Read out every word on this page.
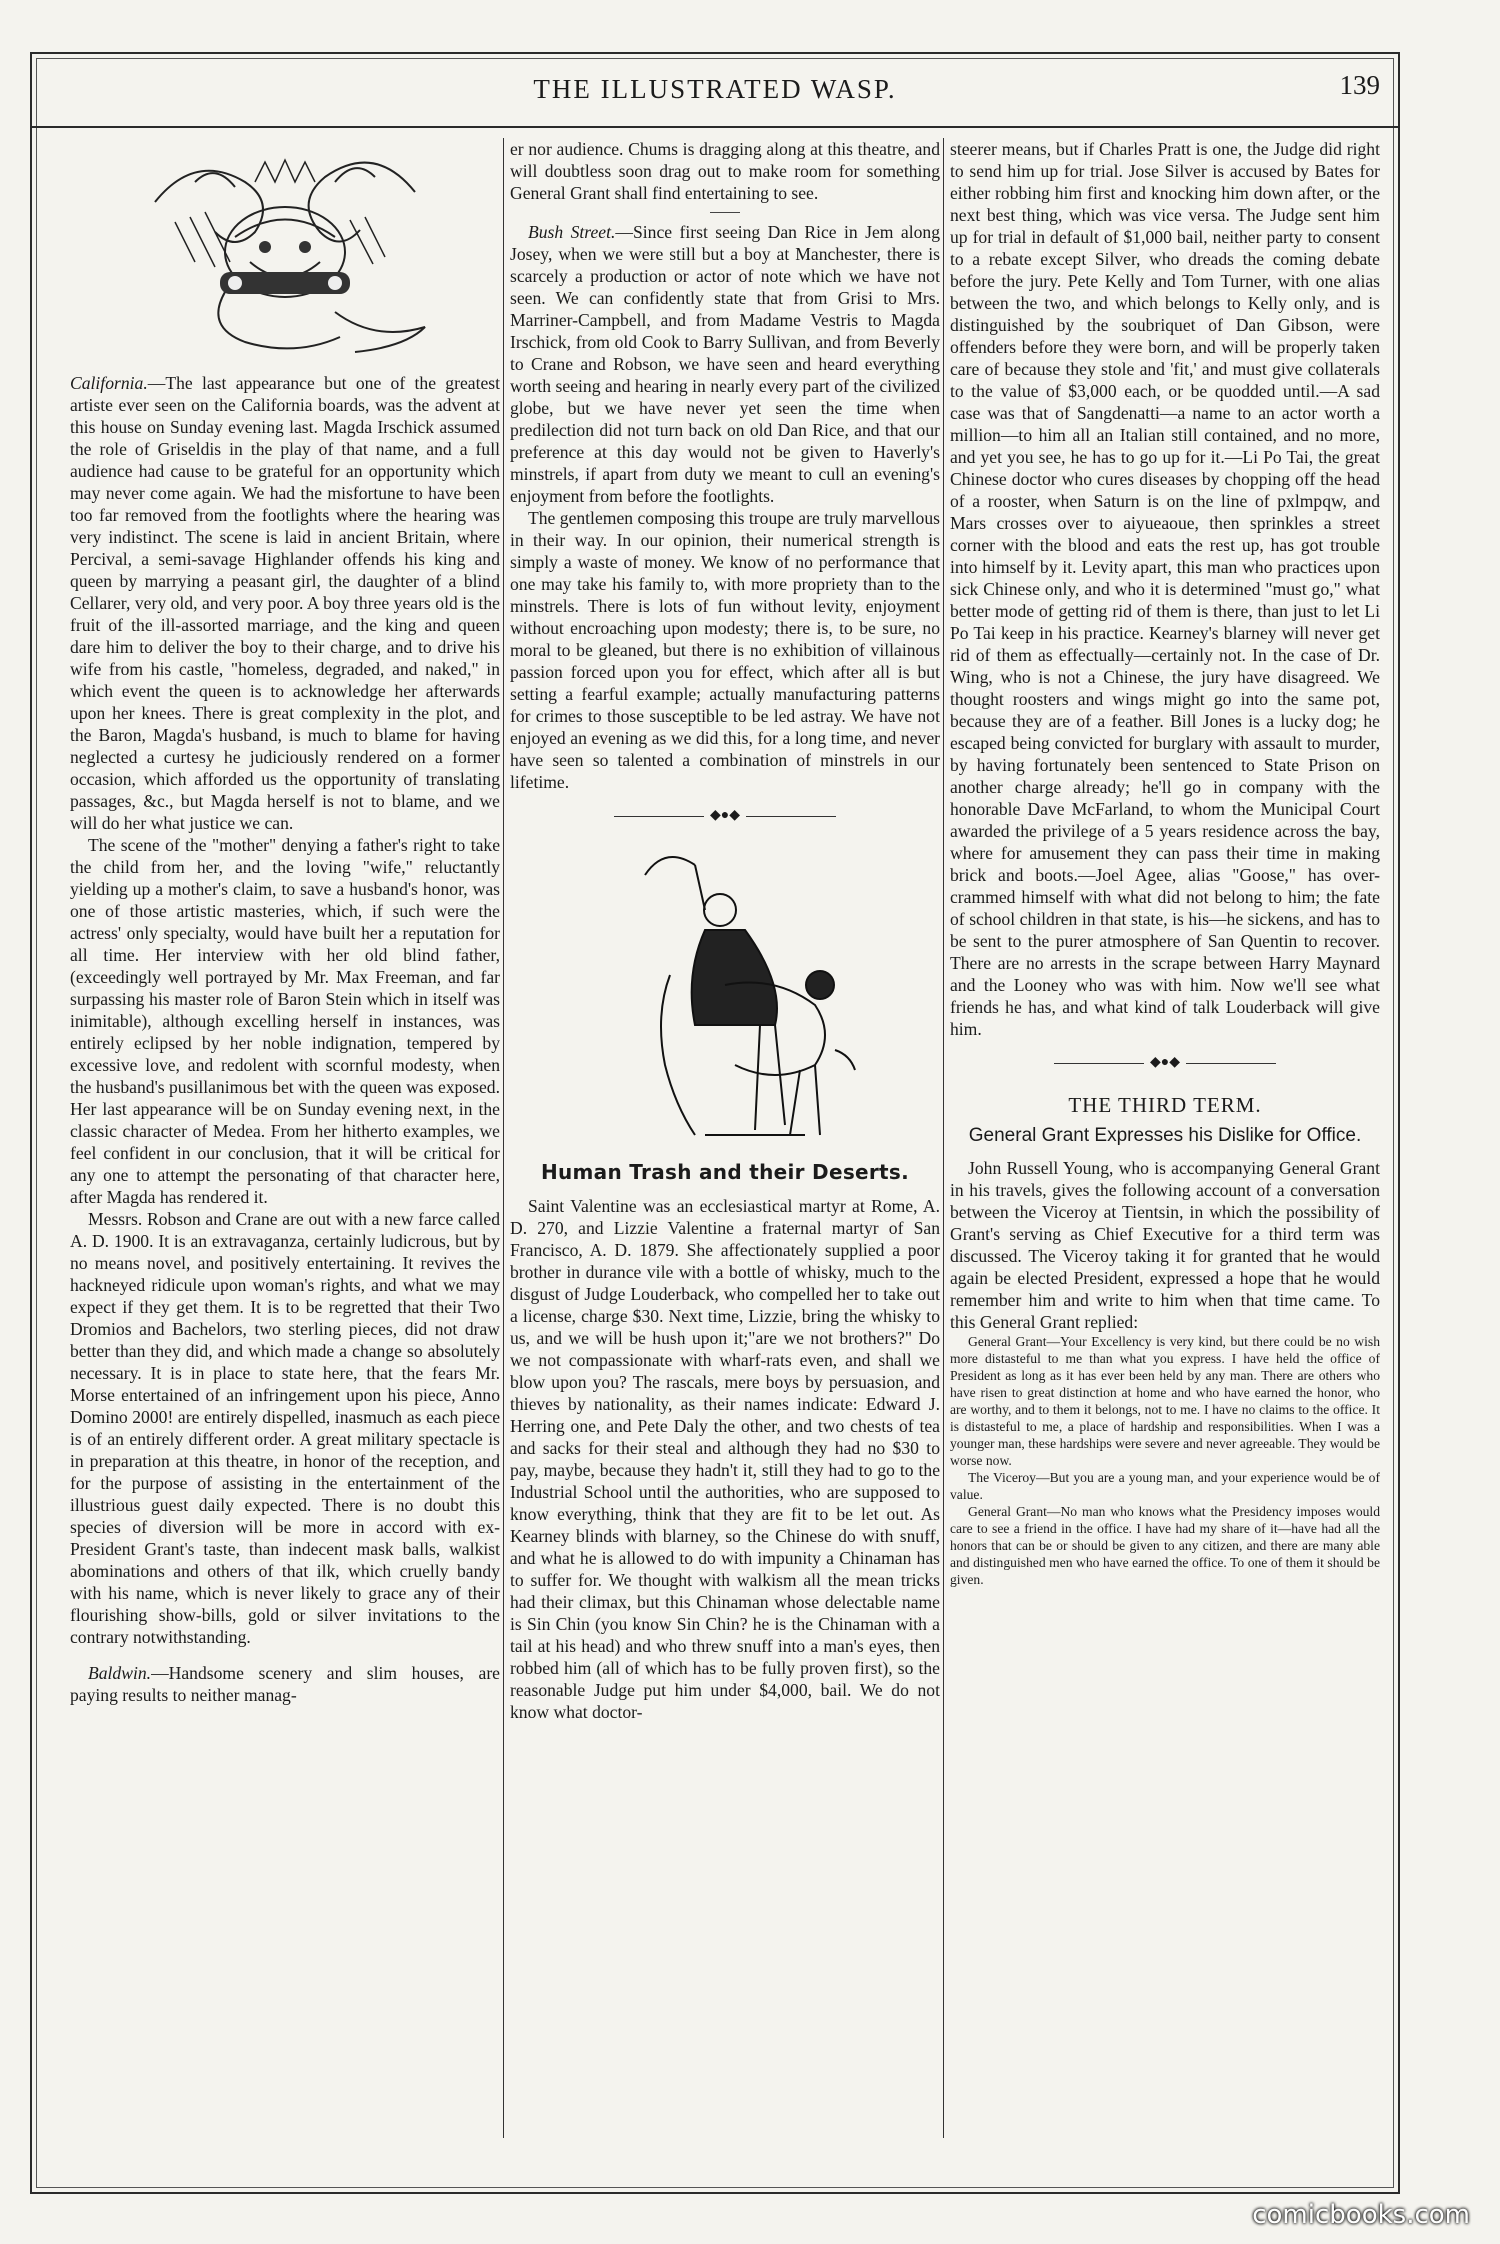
THE ILLUSTRATED WASP.	139

California.—The last appearance but one of the greatest artiste ever seen on the California boards, was the advent at this house on Sunday evening last. Magda Irschick assumed the role of Griseldis in the play of that name, and a full audience had cause to be grateful for an opportunity which may never come again. We had the misfortune to have been too far removed from the footlights where the hearing was very indistinct. The scene is laid in ancient Britain, where Percival, a semi-savage Highlander offends his king and queen by marrying a peasant girl, the daughter of a blind Cellarer, very old, and very poor. A boy three years old is the fruit of the ill-assorted marriage, and the king and queen dare him to deliver the boy to their charge, and to drive his wife from his castle, "homeless, degraded, and naked," in which event the queen is to acknowledge her afterwards upon her knees. There is great complexity in the plot, and the Baron, Magda's husband, is much to blame for having neglected a curtesy he judiciously rendered on a former occasion, which afforded us the opportunity of translating passages, &c., but Magda herself is not to blame, and we will do her what justice we can.

The scene of the "mother" denying a father's right to take the child from her, and the loving "wife," reluctantly yielding up a mother's claim, to save a husband's honor, was one of those artistic masteries, which, if such were the actress' only specialty, would have built her a reputation for all time. Her interview with her old blind father, (exceedingly well portrayed by Mr. Max Freeman, and far surpassing his master role of Baron Stein which in itself was inimitable), although excelling herself in instances, was entirely eclipsed by her noble indignation, tempered by excessive love, and redolent with scornful modesty, when the husband's pusillanimous bet with the queen was exposed. Her last appearance will be on Sunday evening next, in the classic character of Medea. From her hitherto examples, we feel confident in our conclusion, that it will be critical for any one to attempt the personating of that character here, after Magda has rendered it.

Messrs. Robson and Crane are out with a new farce called A. D. 1900. It is an extravaganza, certainly ludicrous, but by no means novel, and positively entertaining. It revives the hackneyed ridicule upon woman's rights, and what we may expect if they get them. It is to be regretted that their Two Dromios and Bachelors, two sterling pieces, did not draw better than they did, and which made a change so absolutely necessary. It is in place to state here, that the fears Mr. Morse entertained of an infringement upon his piece, Anno Domino 2000! are entirely dispelled, inasmuch as each piece is of an entirely different order. A great military spectacle is in preparation at this theatre, in honor of the reception, and for the purpose of assisting in the entertainment of the illustrious guest daily expected. There is no doubt this species of diversion will be more in accord with ex-President Grant's taste, than indecent mask balls, walkist abominations and others of that ilk, which cruelly bandy with his name, which is never likely to grace any of their flourishing show-bills, gold or silver invitations to the contrary notwithstanding.

Baldwin.—Handsome scenery and slim houses, are paying results to neither manag-

er nor audience. Chums is dragging along at this theatre, and will doubtless soon drag out to make room for something General Grant shall find entertaining to see.

Bush Street.—Since first seeing Dan Rice in Jem along Josey, when we were still but a boy at Manchester, there is scarcely a production or actor of note which we have not seen. We can confidently state that from Grisi to Mrs. Marriner-Campbell, and from Madame Vestris to Magda Irschick, from old Cook to Barry Sullivan, and from Beverly to Crane and Robson, we have seen and heard everything worth seeing and hearing in nearly every part of the civilized globe, but we have never yet seen the time when predilection did not turn back on old Dan Rice, and that our preference at this day would not be given to Haverly's minstrels, if apart from duty we meant to cull an evening's enjoyment from before the footlights.

The gentlemen composing this troupe are truly marvellous in their way. In our opinion, their numerical strength is simply a waste of money. We know of no performance that one may take his family to, with more propriety than to the minstrels. There is lots of fun without levity, enjoyment without encroaching upon modesty; there is, to be sure, no moral to be gleaned, but there is no exhibition of villainous passion forced upon you for effect, which after all is but setting a fearful example; actually manufacturing patterns for crimes to those susceptible to be led astray. We have not enjoyed an evening as we did this, for a long time, and never have seen so talented a combination of minstrels in our lifetime.

◆●◆
Human Trash and their Deserts.

Saint Valentine was an ecclesiastical martyr at Rome, A. D. 270, and Lizzie Valentine a fraternal martyr of San Francisco, A. D. 1879. She affectionately supplied a poor brother in durance vile with a bottle of whisky, much to the disgust of Judge Louderback, who compelled her to take out a license, charge $30. Next time, Lizzie, bring the whisky to us, and we will be hush upon it;"are we not brothers?" Do we not compassionate with wharf-rats even, and shall we blow upon you? The rascals, mere boys by persuasion, and thieves by nationality, as their names indicate: Edward J. Herring one, and Pete Daly the other, and two chests of tea and sacks for their steal and although they had no $30 to pay, maybe, because they hadn't it, still they had to go to the Industrial School until the authorities, who are supposed to know everything, think that they are fit to be let out. As Kearney blinds with blarney, so the Chinese do with snuff, and what he is allowed to do with impunity a Chinaman has to suffer for. We thought with walkism all the mean tricks had their climax, but this Chinaman whose delectable name is Sin Chin (you know Sin Chin? he is the Chinaman with a tail at his head) and who threw snuff into a man's eyes, then robbed him (all of which has to be fully proven first), so the reasonable Judge put him under $4,000, bail. We do not know what doctor-

steerer means, but if Charles Pratt is one, the Judge did right to send him up for trial. Jose Silver is accused by Bates for either robbing him first and knocking him down after, or the next best thing, which was vice versa. The Judge sent him up for trial in default of $1,000 bail, neither party to consent to a rebate except Silver, who dreads the coming debate before the jury. Pete Kelly and Tom Turner, with one alias between the two, and which belongs to Kelly only, and is distinguished by the soubriquet of Dan Gibson, were offenders before they were born, and will be properly taken care of because they stole and 'fit,' and must give collaterals to the value of $3,000 each, or be quodded until.—A sad case was that of Sangdenatti—a name to an actor worth a million—to him all an Italian still contained, and no more, and yet you see, he has to go up for it.—Li Po Tai, the great Chinese doctor who cures diseases by chopping off the head of a rooster, when Saturn is on the line of pxlmpqw, and Mars crosses over to aiyueaoue, then sprinkles a street corner with the blood and eats the rest up, has got trouble into himself by it. Levity apart, this man who practices upon sick Chinese only, and who it is determined "must go," what better mode of getting rid of them is there, than just to let Li Po Tai keep in his practice. Kearney's blarney will never get rid of them as effectually—certainly not. In the case of Dr. Wing, who is not a Chinese, the jury have disagreed. We thought roosters and wings might go into the same pot, because they are of a feather. Bill Jones is a lucky dog; he escaped being convicted for burglary with assault to murder, by having fortunately been sentenced to State Prison on another charge already; he'll go in company with the honorable Dave McFarland, to whom the Municipal Court awarded the privilege of a 5 years residence across the bay, where for amusement they can pass their time in making brick and boots.—Joel Agee, alias "Goose," has over-crammed himself with what did not belong to him; the fate of school children in that state, is his—he sickens, and has to be sent to the purer atmosphere of San Quentin to recover. There are no arrests in the scrape between Harry Maynard and the Looney who was with him. Now we'll see what friends he has, and what kind of talk Louderback will give him.

◆●◆
THE THIRD TERM.
General Grant Expresses his Dislike for Office.

John Russell Young, who is accompanying General Grant in his travels, gives the following account of a conversation between the Viceroy at Tientsin, in which the possibility of Grant's serving as Chief Executive for a third term was discussed. The Viceroy taking it for granted that he would again be elected President, expressed a hope that he would remember him and write to him when that time came. To this General Grant replied:

General Grant—Your Excellency is very kind, but there could be no wish more distasteful to me than what you express. I have held the office of President as long as it has ever been held by any man. There are others who have risen to great distinction at home and who have earned the honor, who are worthy, and to them it belongs, not to me. I have no claims to the office. It is distasteful to me, a place of hardship and responsibilities. When I was a younger man, these hardships were severe and never agreeable. They would be worse now.

The Viceroy—But you are a young man, and your experience would be of value.

General Grant—No man who knows what the Presidency imposes would care to see a friend in the office. I have had my share of it—have had all the honors that can be or should be given to any citizen, and there are many able and distinguished men who have earned the office. To one of them it should be given.

comicbooks.com
